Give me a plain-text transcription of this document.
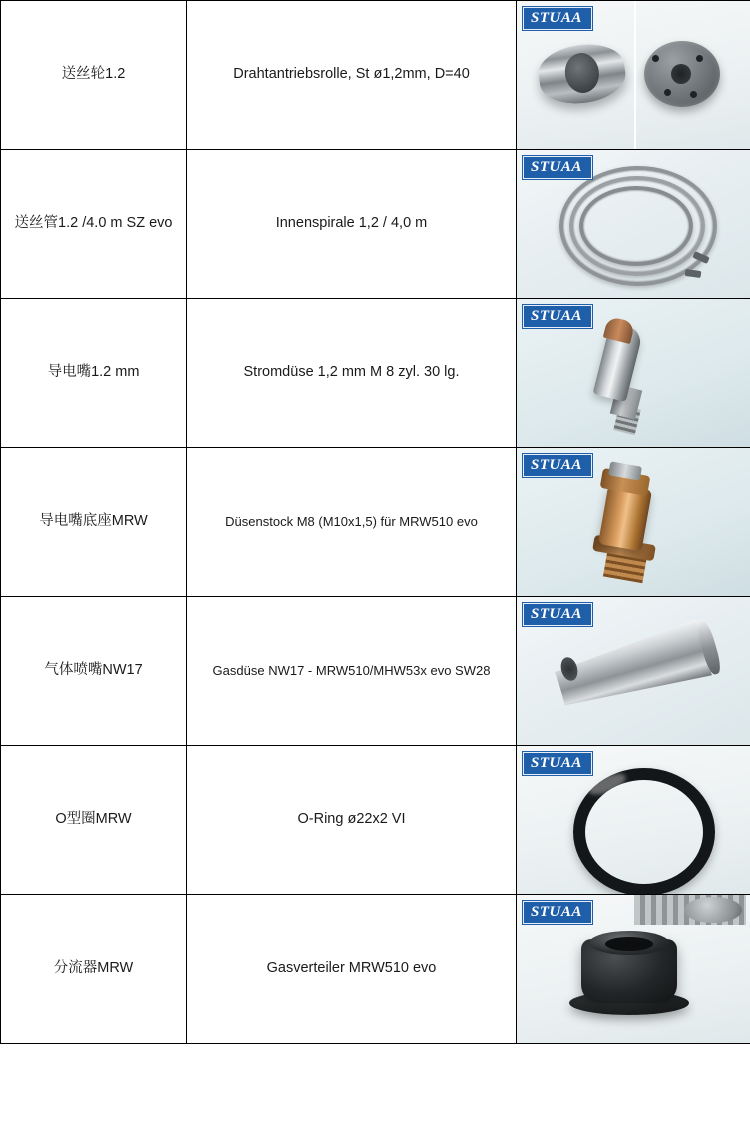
送丝轮1.2	Drahtantriebsrolle, St ø1,2mm, D=40	STUAA

送丝管1.2 /4.0 m SZ evo	Innenspirale 1,2 / 4,0 m	STUAA

导电嘴1.2 mm	Stromdüse 1,2 mm M 8 zyl. 30 lg.	STUAA

导电嘴底座MRW	Düsenstock M8 (M10x1,5) für MRW510 evo	STUAA

气体喷嘴NW17	Gasdüse NW17 - MRW510/MHW53x evo SW28	STUAA

O型圈MRW	O-Ring ø22x2 VI	STUAA

分流器MRW	Gasverteiler MRW510 evo	STUAA
